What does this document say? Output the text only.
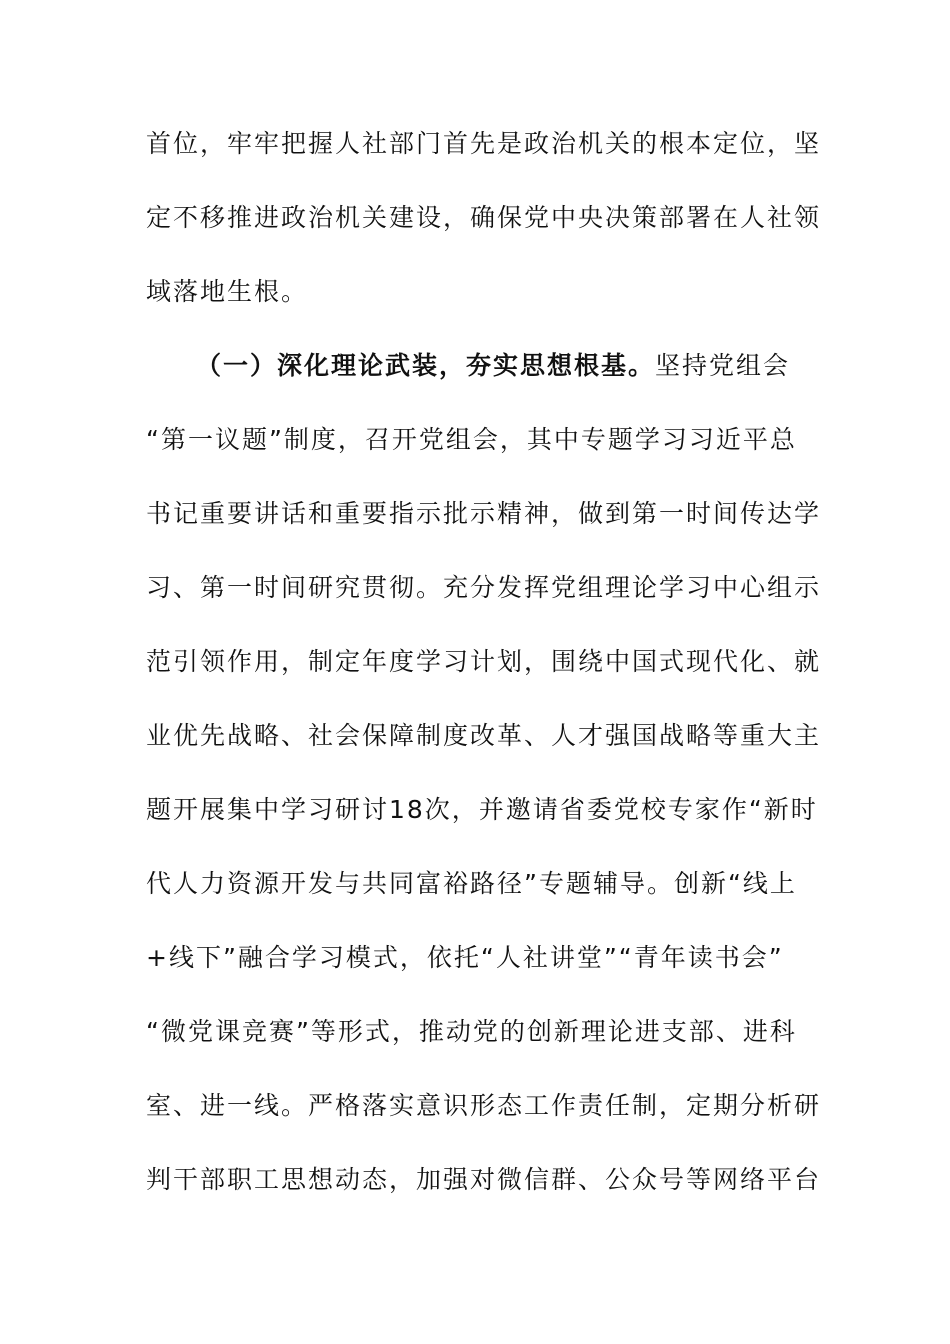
首位，牢牢把握人社部门首先是政治机关的根本定位，坚
定不移推进政治机关建设，确保党中央决策部署在人社领
域落地生根。
（一）深化理论武装，夯实思想根基。坚持党组会
“第一议题”制度，召开党组会，其中专题学习习近平总
书记重要讲话和重要指示批示精神，做到第一时间传达学
习、第一时间研究贯彻。充分发挥党组理论学习中心组示
范引领作用，制定年度学习计划，围绕中国式现代化、就
业优先战略、社会保障制度改革、人才强国战略等重大主
题开展集中学习研讨18次，并邀请省委党校专家作“新时
代人力资源开发与共同富裕路径”专题辅导。创新“线上
+线下”融合学习模式，依托“人社讲堂”“青年读书会”
“微党课竞赛”等形式，推动党的创新理论进支部、进科
室、进一线。严格落实意识形态工作责任制，定期分析研
判干部职工思想动态，加强对微信群、公众号等网络平台
